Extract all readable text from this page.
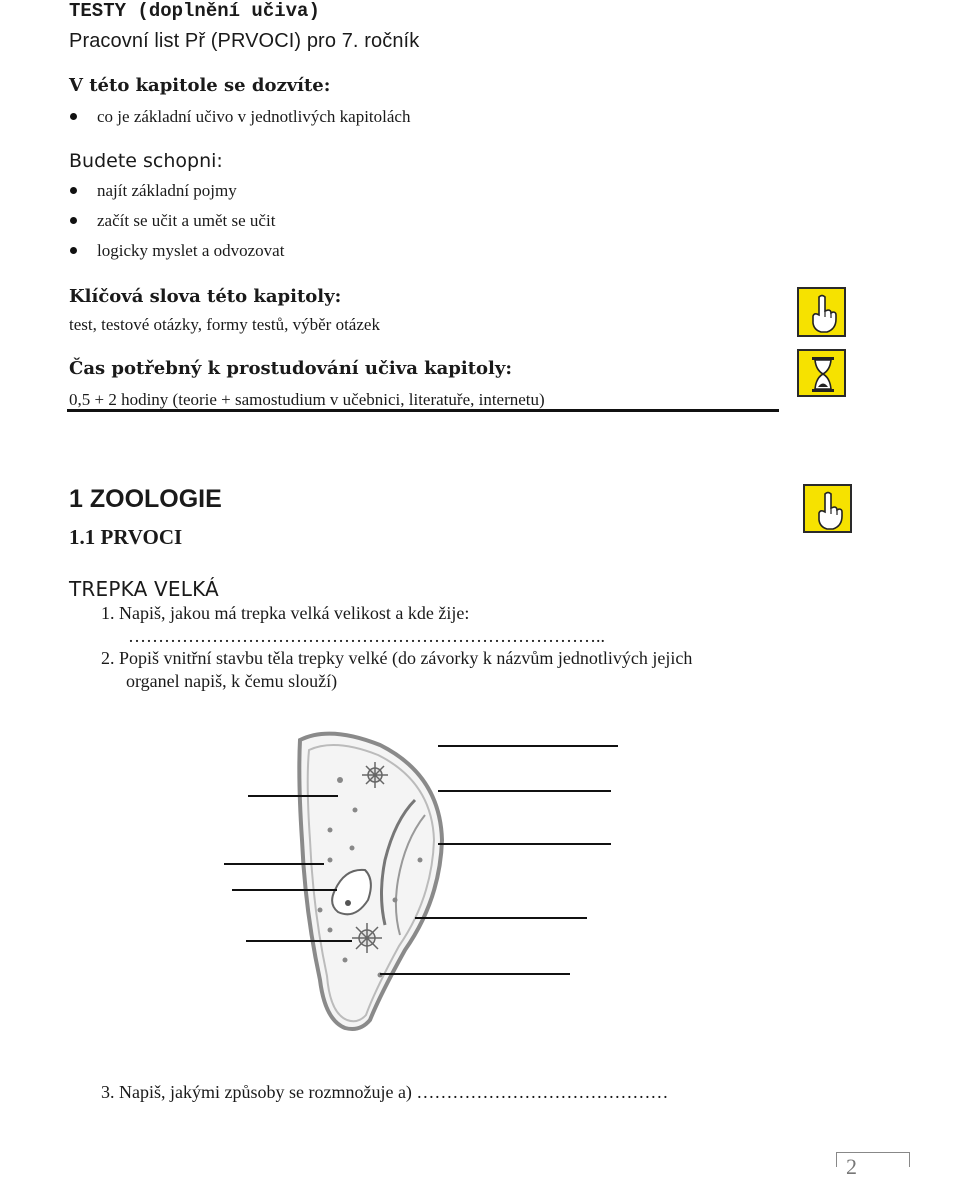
TESTY (doplnění učiva)
Pracovní list Př (PRVOCI) pro 7. ročník
V této kapitole se dozvíte:
co je základní učivo v jednotlivých kapitolách
Budete schopni:
najít základní pojmy
začít se učit a umět se učit
logicky myslet a odvozovat
Klíčová slova této kapitoly:
test, testové otázky, formy testů, výběr otázek
Čas potřebný k prostudování učiva kapitoly:
0,5 + 2 hodiny (teorie + samostudium v učebnici, literatuře, internetu)
1 ZOOLOGIE
1.1 PRVOCI
TREPKA VELKÁ
1. Napiš, jakou má trepka velká velikost a kde žije:
……………………………………………………………………..
2. Popiš vnitřní stavbu těla trepky velké (do závorky k názvům jednotlivých jejich
organel napiš, k čemu slouží)
3. Napiš, jakými způsoby se rozmnožuje a) ……………………………………
2
